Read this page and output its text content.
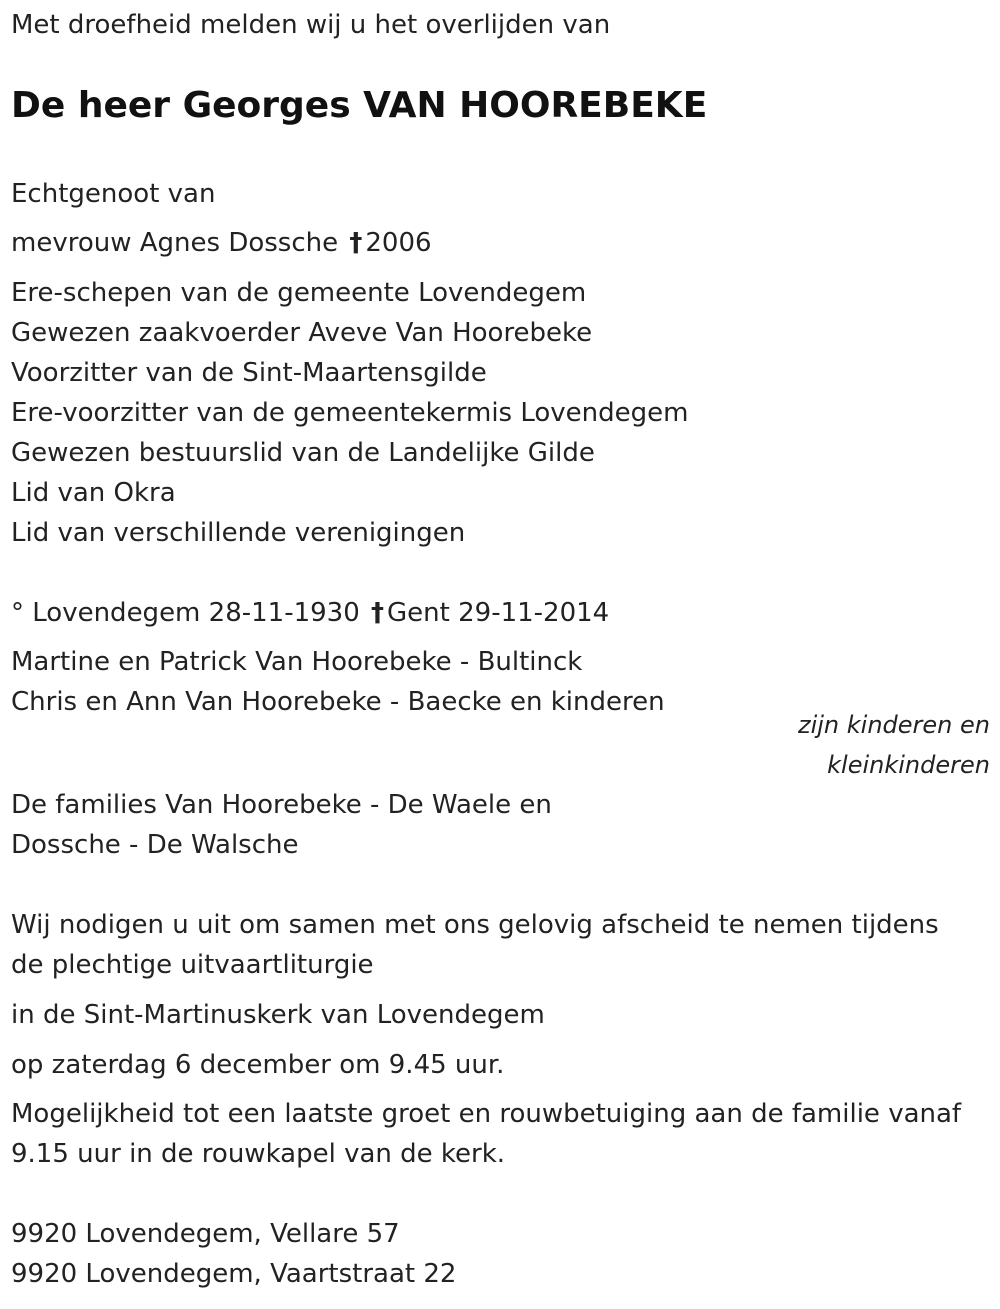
Met droefheid melden wij u het overlijden van

De heer Georges VAN HOOREBEKE

Echtgenoot van

mevrouw Agnes Dossche † 2006

Ere-schepen van de gemeente Lovendegem

Gewezen zaakvoerder Aveve Van Hoorebeke

Voorzitter van de Sint-Maartensgilde

Ere-voorzitter van de gemeentekermis Lovendegem

Gewezen bestuurslid van de Landelijke Gilde

Lid van Okra

Lid van verschillende verenigingen

° Lovendegem 28-11-1930 † Gent 29-11-2014

Martine en Patrick Van Hoorebeke - Bultinck

Chris en Ann Van Hoorebeke - Baecke en kinderen

zijn kinderen en

kleinkinderen

De families Van Hoorebeke - De Waele en

Dossche - De Walsche

Wij nodigen u uit om samen met ons gelovig afscheid te nemen tijdens

de plechtige uitvaartliturgie

in de Sint-Martinuskerk van Lovendegem

op zaterdag 6 december om 9.45 uur.

Mogelijkheid tot een laatste groet en rouwbetuiging aan de familie vanaf

9.15 uur in de rouwkapel van de kerk.

9920 Lovendegem, Vellare 57

9920 Lovendegem, Vaartstraat 22
